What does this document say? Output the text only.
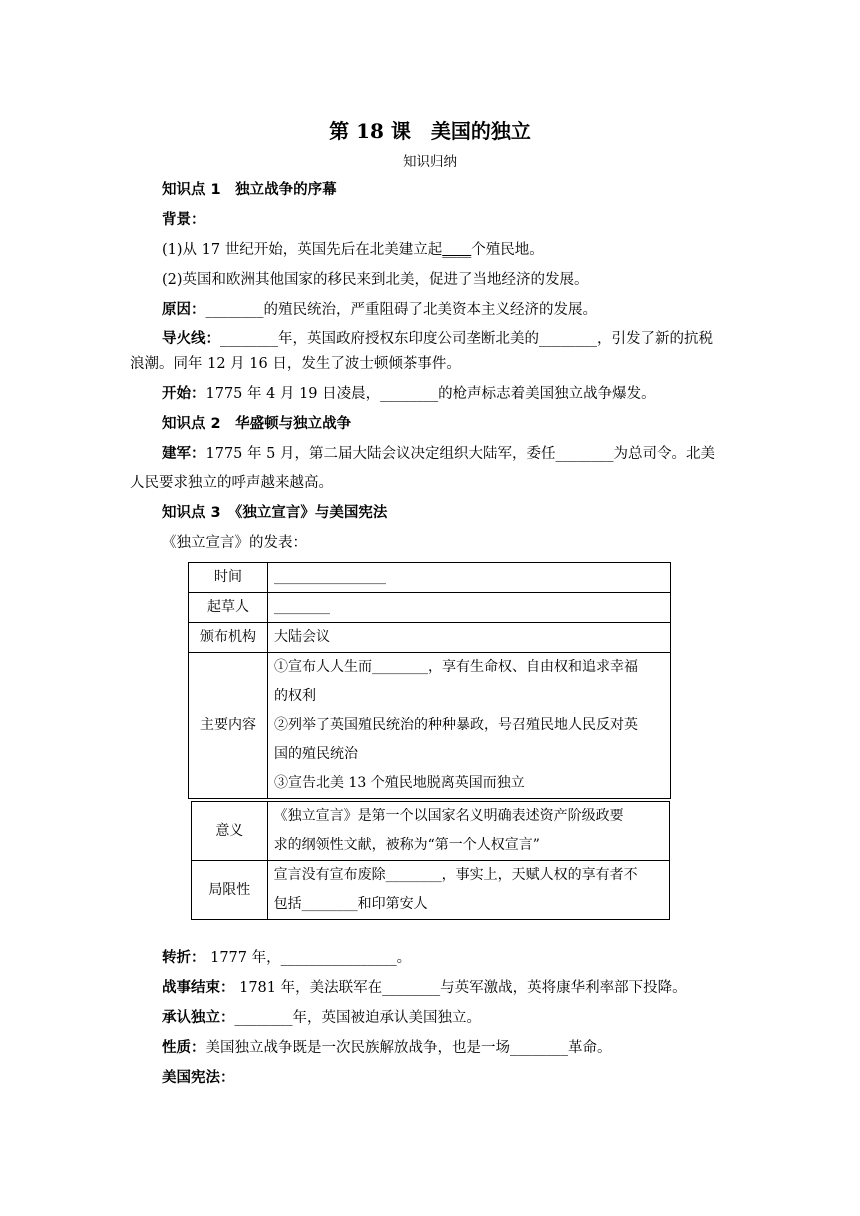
第 18 课　美国的独立
知识归纳
知识点 1　独立战争的序幕
背景：
(1)从 17 世纪开始，英国先后在北美建立起____个殖民地。
(2)英国和欧洲其他国家的移民来到北美，促进了当地经济的发展。
原因：________的殖民统治，严重阻碍了北美资本主义经济的发展。
导火线：________年，英国政府授权东印度公司垄断北美的________，引发了新的抗税
浪潮。同年 12 月 16 日，发生了波士顿倾茶事件。
开始：1775 年 4 月 19 日凌晨，________的枪声标志着美国独立战争爆发。
知识点 2　华盛顿与独立战争
建军：1775 年 5 月，第二届大陆会议决定组织大陆军，委任________为总司令。北美
人民要求独立的呼声越来越高。
知识点 3　《独立宣言》与美国宪法
《独立宣言》的发表：
时间	________________
起草人	________
颁布机构	大陆会议
主要内容	①宣布人人生而________，享有生命权、自由权和追求幸福
的权利
②列举了英国殖民统治的种种暴政，号召殖民地人民反对英
国的殖民统治
③宣告北美 13 个殖民地脱离英国而独立
意义	《独立宣言》是第一个以国家名义明确表述资产阶级政要
求的纲领性文献，被称为“第一个人权宣言”

局限性	宣言没有宣布废除________，事实上，天赋人权的享有者不
包括________和印第安人
转折： 1777 年，________________。
战事结束： 1781 年，美法联军在________与英军激战，英将康华利率部下投降。
承认独立：________年，英国被迫承认美国独立。
性质：美国独立战争既是一次民族解放战争，也是一场________革命。
美国宪法：
